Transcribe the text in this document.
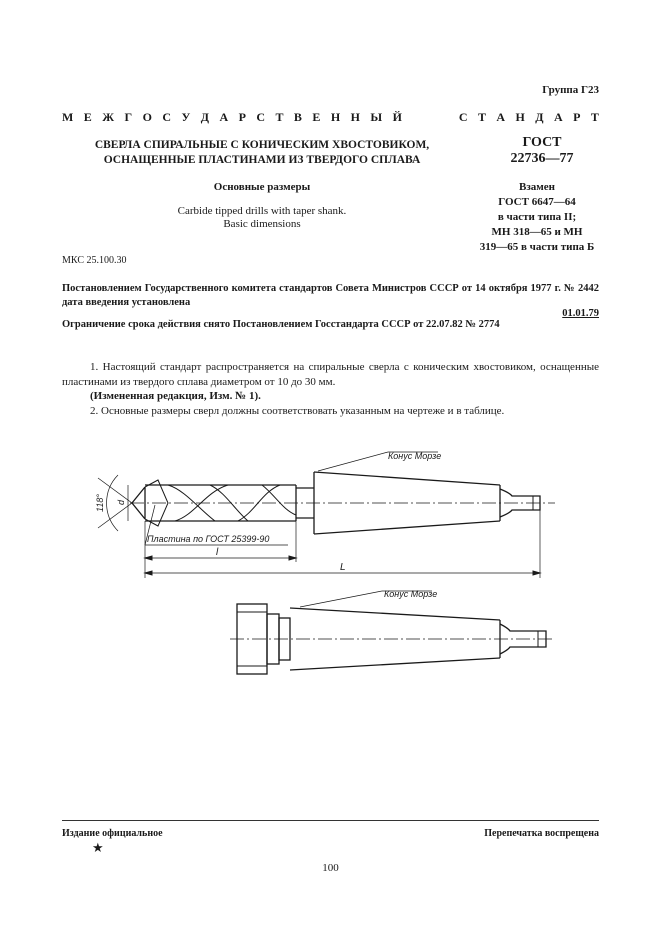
Группа Г23
М Е Ж Г О С У Д А Р С Т В Е Н Н Ы Й	С Т А Н Д А Р Т
СВЕРЛА СПИРАЛЬНЫЕ С КОНИЧЕСКИМ ХВОСТОВИКОМ,
ОСНАЩЕННЫЕ ПЛАСТИНАМИ ИЗ ТВЕРДОГО СПЛАВА
Основные размеры
Carbide tipped drills with taper shank.
Basic dimensions
ГОСТ
22736—77
Взамен
ГОСТ 6647—64
в части типа II;
МН 318—65 и МН
319—65 в части типа Б
МКС 25.100.30
Постановлением Государственного комитета стандартов Совета Министров СССР от 14 октября 1977 г. № 2442 дата введения установлена
01.01.79
Ограничение срока действия снято Постановлением Госстандарта СССР от 22.07.82 № 2774

1. Настоящий стандарт распространяется на спиральные сверла с коническим хвостовиком, оснащенные пластинами из твердого сплава диаметром от 10 до 30 мм.

(Измененная редакция, Изм. № 1).

2. Основные размеры сверл должны соответствовать указанным на чертеже и в таблице.

Конус Морзе
Пластина по ГОСТ 25399-90
118° d
l
L
Конус Морзе
Издание официальное	Перепечатка воспрещена
★
100
